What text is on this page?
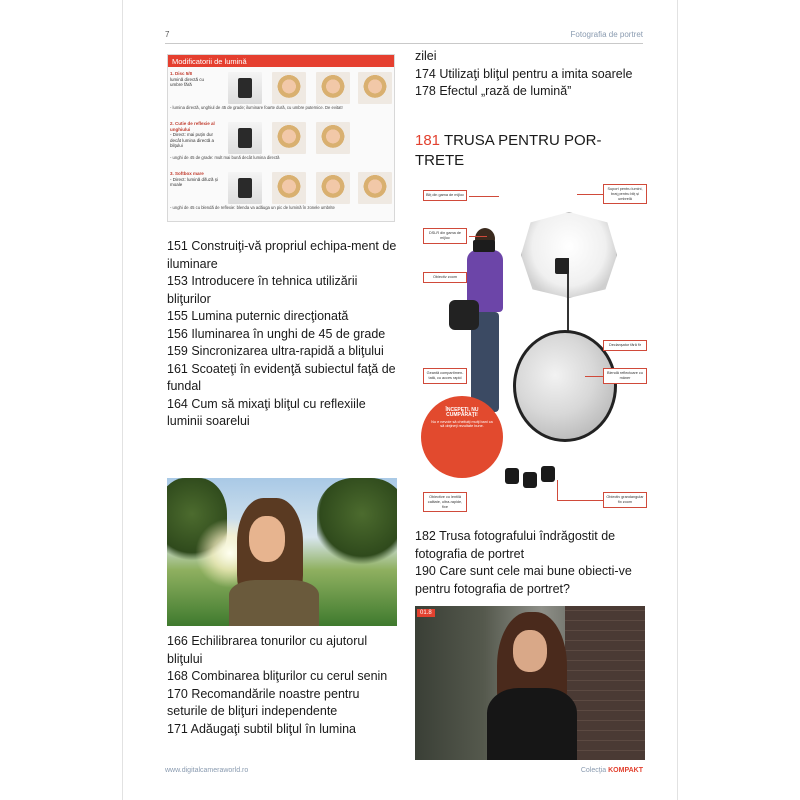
7	Fotografia de portret
Modificatorii de lumină
1. Disc 5/8
lumină directă cu umbre fără
- lumina directă, unghiul de 45 de grade; iluminare foarte dură, cu umbre puternice. De evitat!
2. Cutie de reflexie al unghiului
- Direct: mai puțin dur decât lumina directă a bliţului
- unghi de 45 de grade: mult mai bună decât lumina directă
3. Softbox mare
- Direct: lumină difuză și moale
- unghi de 45 cu blendă de reflexie: blenda va adăuga un pic de lumină în zonele umbrite
151 Construiţi-vă propriul echipa-ment de iluminare
153 Introducere în tehnica utilizării bliţurilor
155 Lumina puternic direcţionată
156 Iluminarea în unghi de 45 de grade
159 Sincronizarea ultra-rapidă a bliţului
161 Scoateţi în evidenţă subiectul faţă de fundal
164 Cum să mixaţi bliţul cu reflexiile luminii soarelui
166 Echilibrarea tonurilor cu ajutorul bliţului
168 Combinarea bliţurilor cu cerul senin
170 Recomandările noastre pentru seturile de bliţuri independente
171 Adăugaţi subtil bliţul în lumina
zilei
174 Utilizaţi bliţul pentru a imita soarele
178 Efectul „rază de lumină”
181 TRUSA PENTRU POR-TRETE
Bliţ din gama de mijloc
DSLR din gama de mijloc
Obiectiv zoom
Suport pentru lumini, braţ pentru bliţ și umbrelă
Declanşator fără fir
Geantă compartimen-tată, cu acces rapid
Blendă reflectoare cu mâner
Obiective cu lentilă calitate, ultra-rapide, fixe
Obiectiv grandangular fix zoom
ÎNCEPEŢI, NU CUMPĂRAŢI!
Nu e nevoie să cheltuiţi mulţi bani ca să obţineţi rezultate bune.
182 Trusa fotografului îndrăgostit de fotografia de portret
190 Care sunt cele mai bune obiecti-ve pentru fotografia de portret?
01.8
www.digitalcameraworld.ro	Colecţia KOMPAKT
